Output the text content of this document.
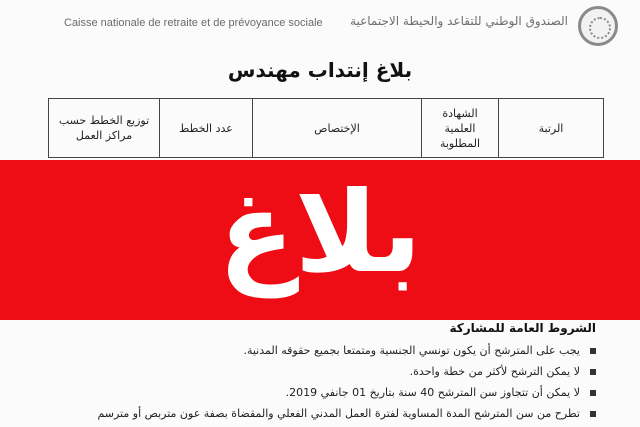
Caisse nationale de retraite et de prévoyance sociale الصندوق الوطني للتقاعد والحيطة الاجتماعية
بلاغ إنتداب مهندس
الرتبة	الشهادة العلمية المطلوبة	الإختصاص	عدد الخطط	توزيع الخطط حسب مراكز العمل
الشروط العامة للمشاركة
يجب على المترشح أن يكون تونسي الجنسية ومتمتعا بجميع حقوقه المدنية.
لا يمكن الترشح لأكثر من خطة واحدة.
لا يمكن أن تتجاوز سن المترشح 40 سنة بتاريخ 01 جانفي 2019.
تطرح من سن المترشح المدة المساوية لفترة العمل المدني الفعلي والمقضاة بصفة عون متربص أو مترسم
بلاغ
